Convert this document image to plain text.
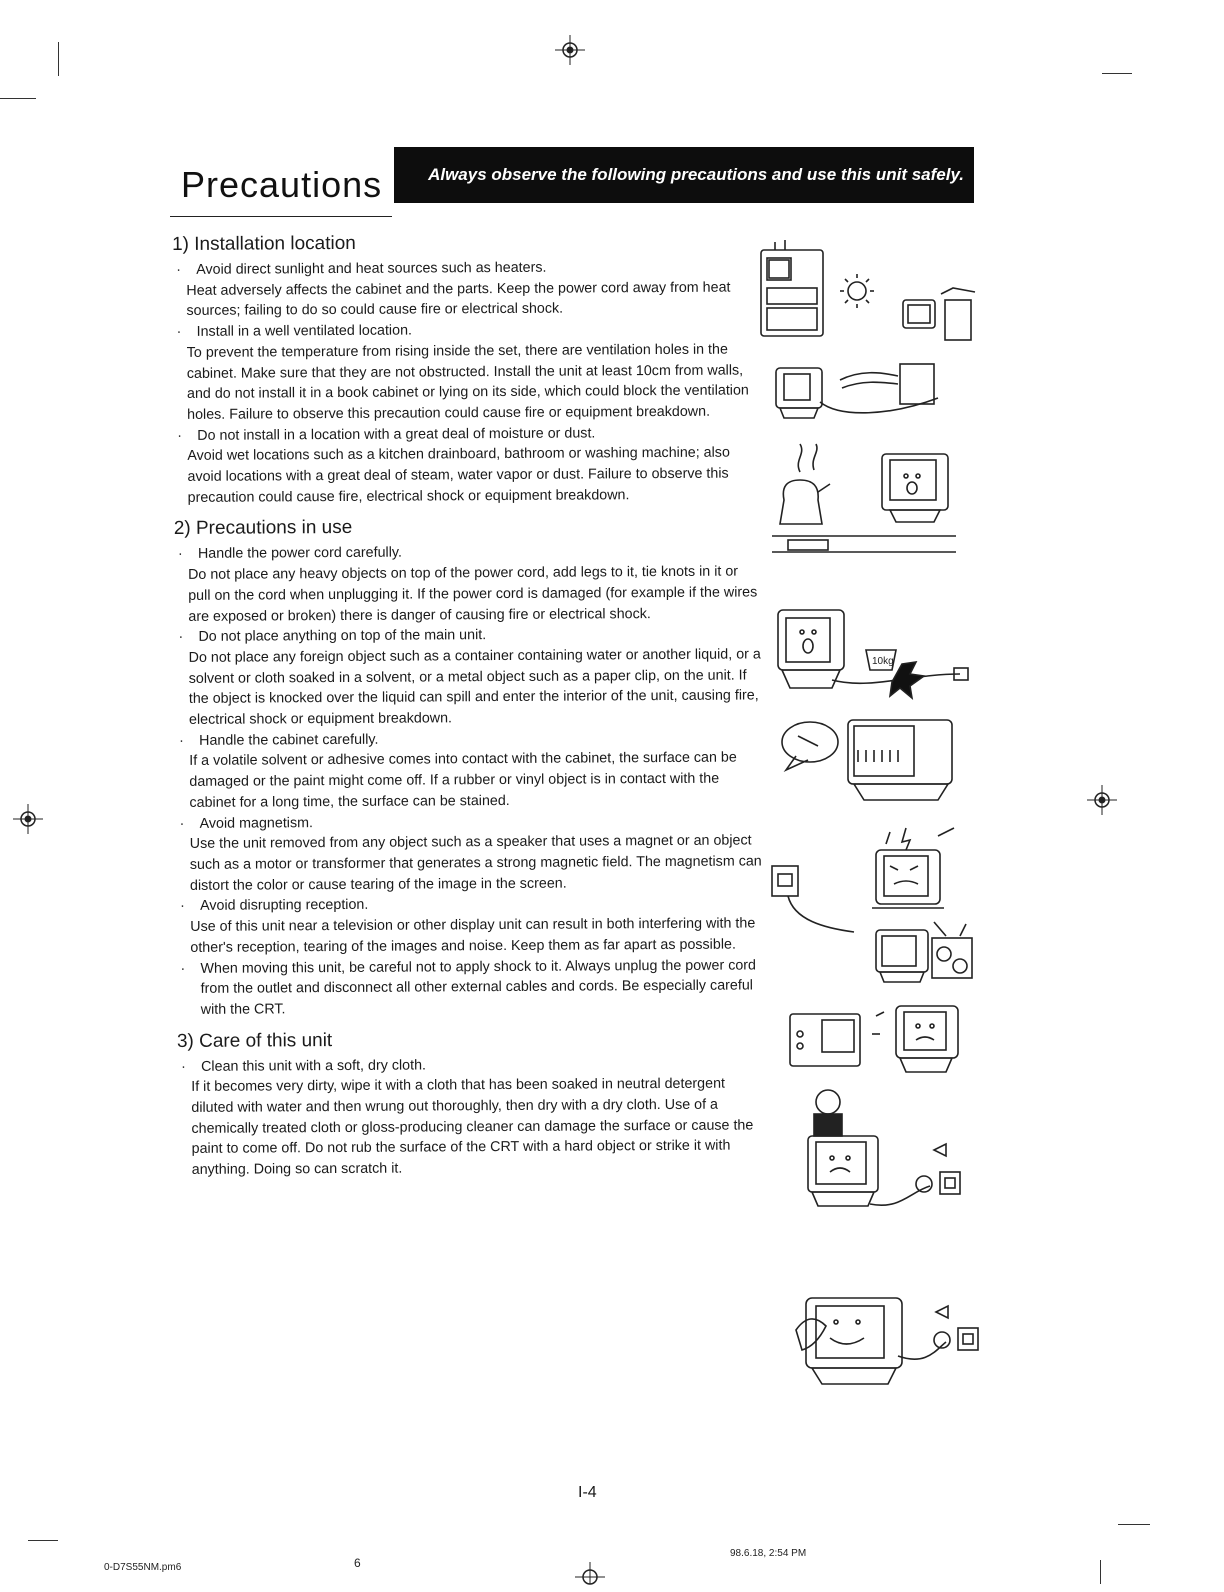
Precautions	Always observe the following precautions and use this unit safely.
1) Installation location
· Avoid direct sunlight and heat sources such as heaters.
Heat adversely affects the cabinet and the parts. Keep the power cord away from heat sources; failing to do so could cause fire or electrical shock.
· Install in a well ventilated location.
To prevent the temperature from rising inside the set, there are ventilation holes in the cabinet. Make sure that they are not obstructed. Install the unit at least 10cm from walls, and do not install it in a book cabinet or lying on its side, which could block the ventilation holes. Failure to observe this precaution could cause fire or equipment breakdown.
· Do not install in a location with a great deal of moisture or dust.
Avoid wet locations such as a kitchen drainboard, bathroom or washing machine; also avoid locations with a great deal of steam, water vapor or dust. Failure to observe this precaution could cause fire, electrical shock or equipment breakdown.
2) Precautions in use
· Handle the power cord carefully.
Do not place any heavy objects on top of the power cord, add legs to it, tie knots in it or pull on the cord when unplugging it. If the power cord is damaged (for example if the wires are exposed or broken) there is danger of causing fire or electrical shock.
· Do not place anything on top of the main unit.
Do not place any foreign object such as a container containing water or another liquid, or a solvent or cloth soaked in a solvent, or a metal object such as a paper clip, on the unit. If the object is knocked over the liquid can spill and enter the interior of the unit, causing fire, electrical shock or equipment breakdown.
· Handle the cabinet carefully.
If a volatile solvent or adhesive comes into contact with the cabinet, the surface can be damaged or the paint might come off. If a rubber or vinyl object is in contact with the cabinet for a long time, the surface can be stained.
· Avoid magnetism.
Use the unit removed from any object such as a speaker that uses a magnet or an object such as a motor or transformer that generates a strong magnetic field. The magnetism can distort the color or cause tearing of the image in the screen.
· Avoid disrupting reception.
Use of this unit near a television or other display unit can result in both interfering with the other's reception, tearing of the images and noise. Keep them as far apart as possible.
· When moving this unit, be careful not to apply shock to it. Always unplug the power cord from the outlet and disconnect all other external cables and cords. Be especially careful with the CRT.
3) Care of this unit
· Clean this unit with a soft, dry cloth.
If it becomes very dirty, wipe it with a cloth that has been soaked in neutral detergent diluted with water and then wrung out thoroughly, then dry with a dry cloth. Use of a chemically treated cloth or gloss-producing cleaner can damage the surface or cause the paint to come off. Do not rub the surface of the CRT with a hard object or strike it with anything. Doing so can scratch it.
10kg
I-4
0-D7S55NM.pm6	6
98.6.18, 2:54 PM
